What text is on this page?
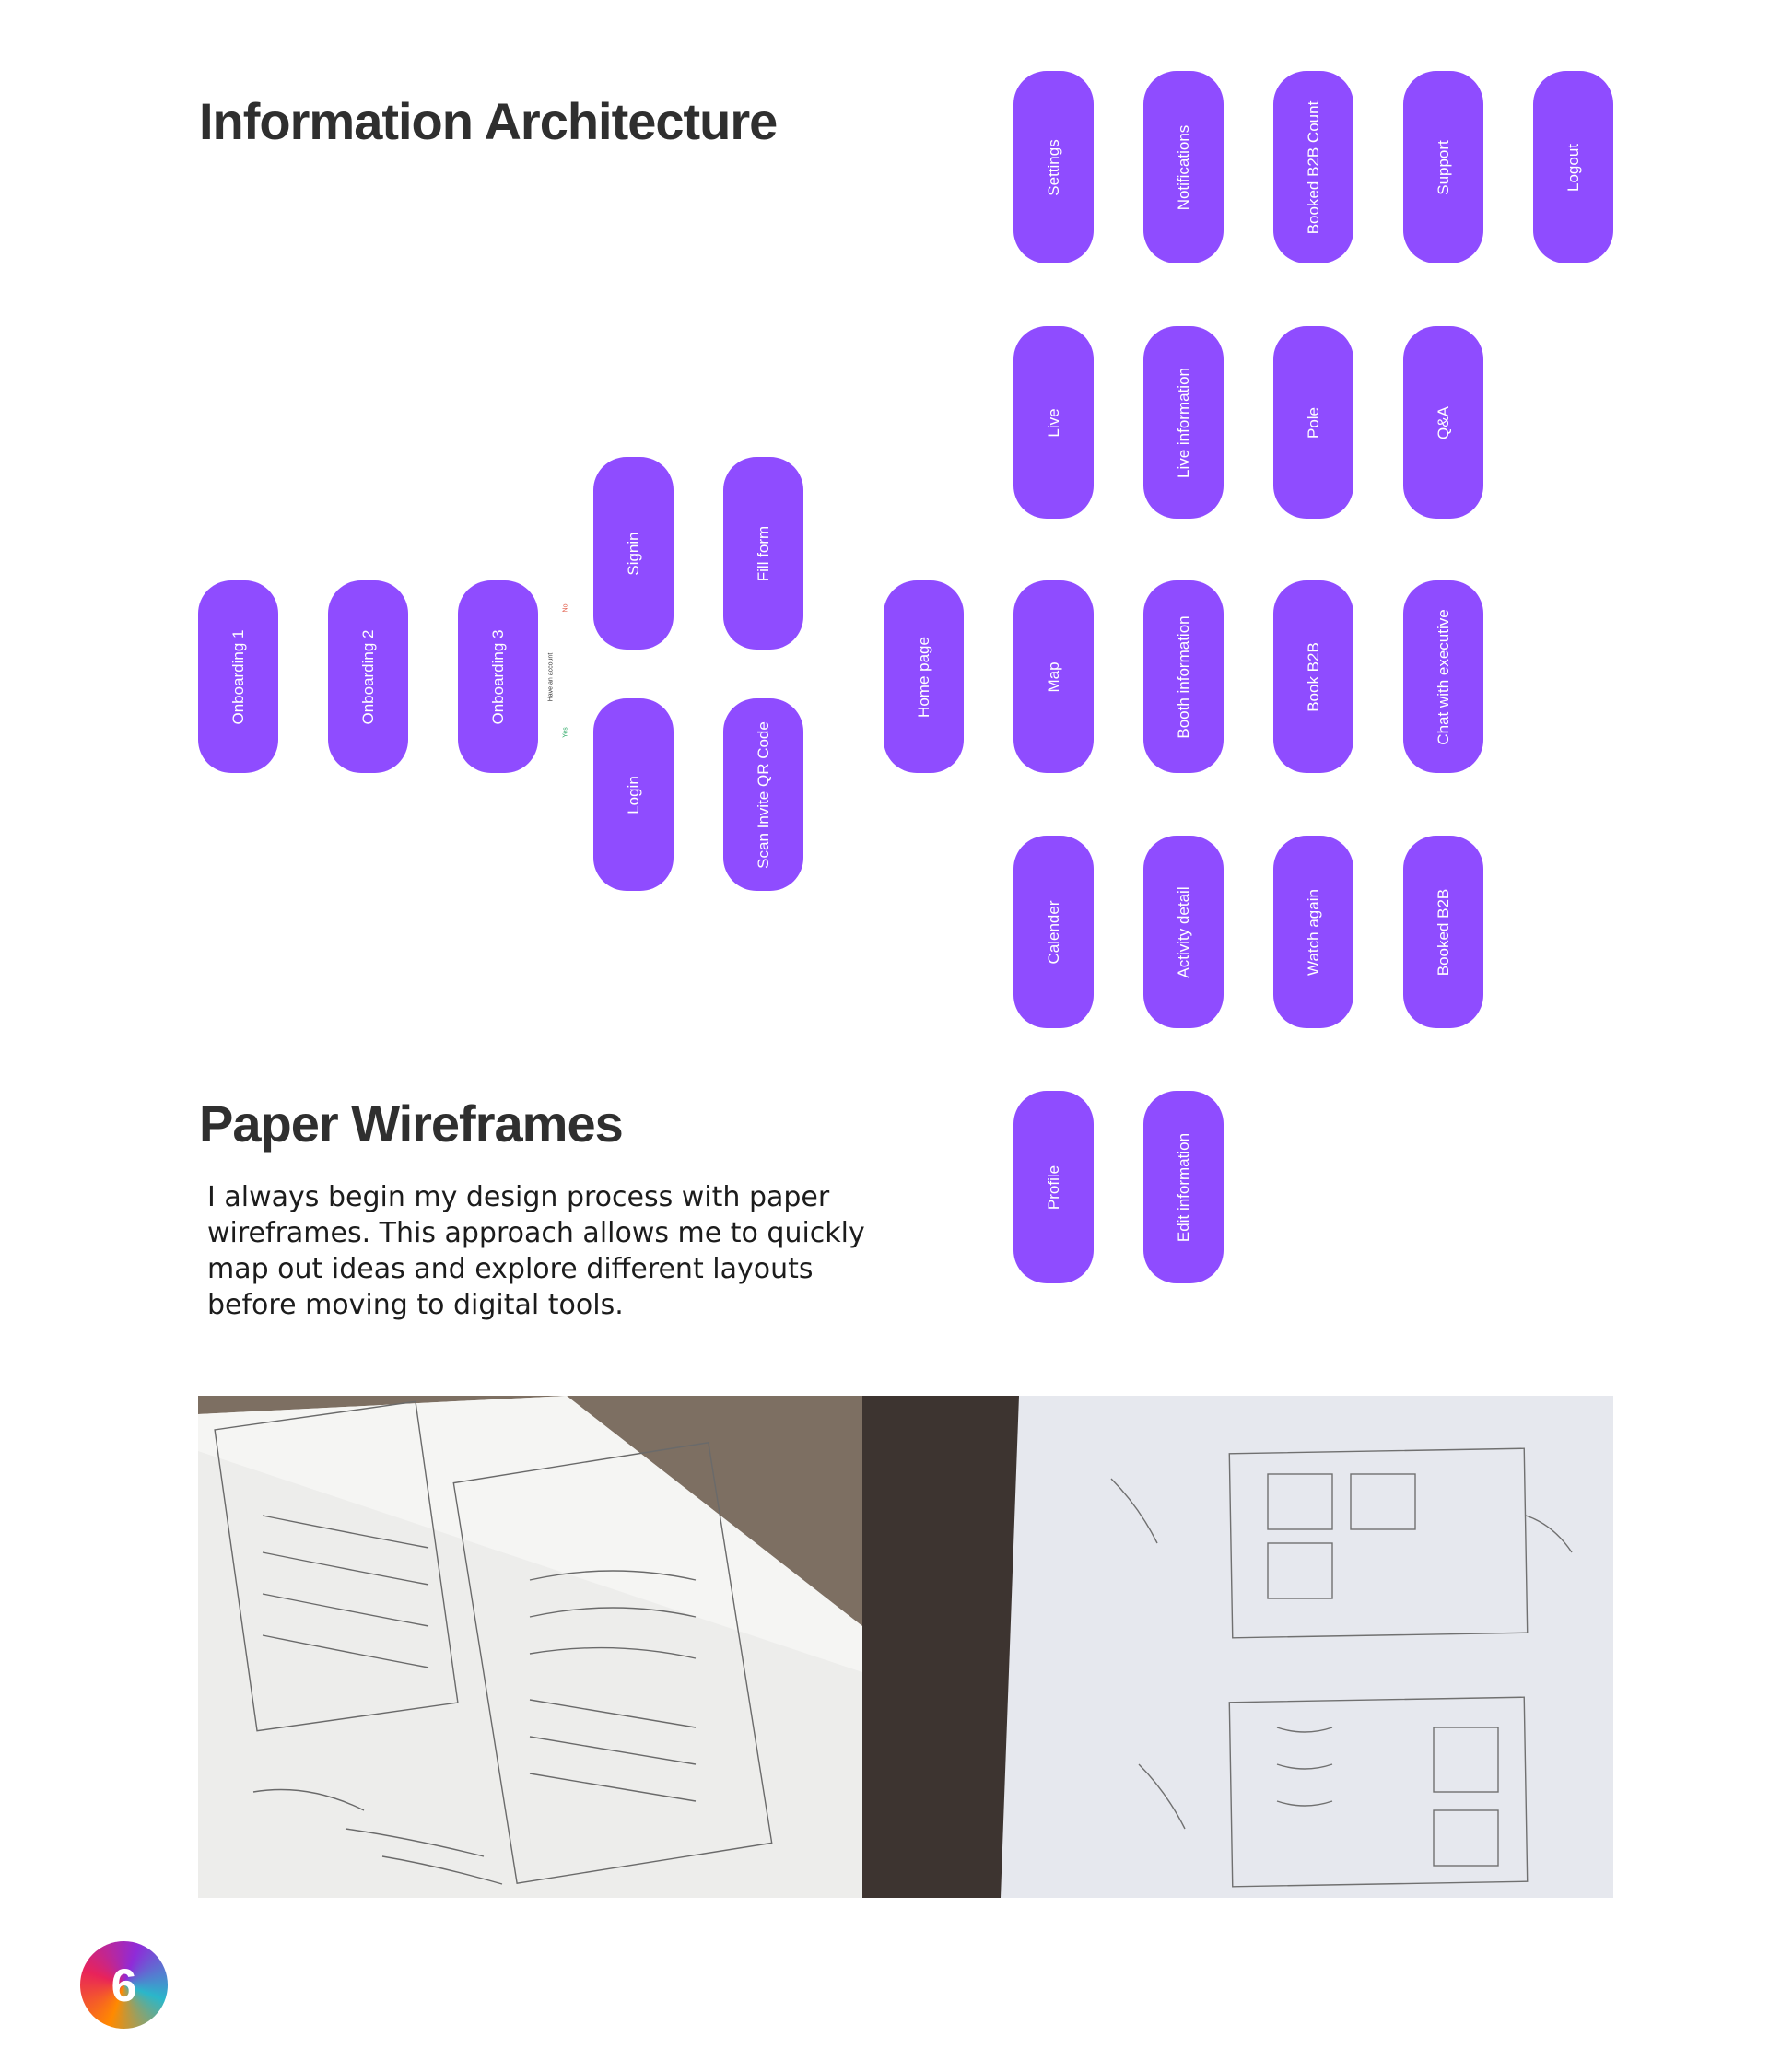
Information Architecture
Paper Wireframes

I always begin my design process with paper wireframes. This approach allows me to quickly map out ideas and explore different layouts before moving to digital tools.

Onboarding 1	Onboarding 2	Onboarding 3
No
Have an account
Yes
Signin
Login
Fill form
Scan Invite QR Code
Home page
Settings	Notifications	Booked B2B Count	Support	Logout
Live	Live information	Pole	Q&A
Map	Booth information	Book B2B	Chat with executive
Calender	Activity detail	Watch again	Booked B2B
Profile	Edit information
6
